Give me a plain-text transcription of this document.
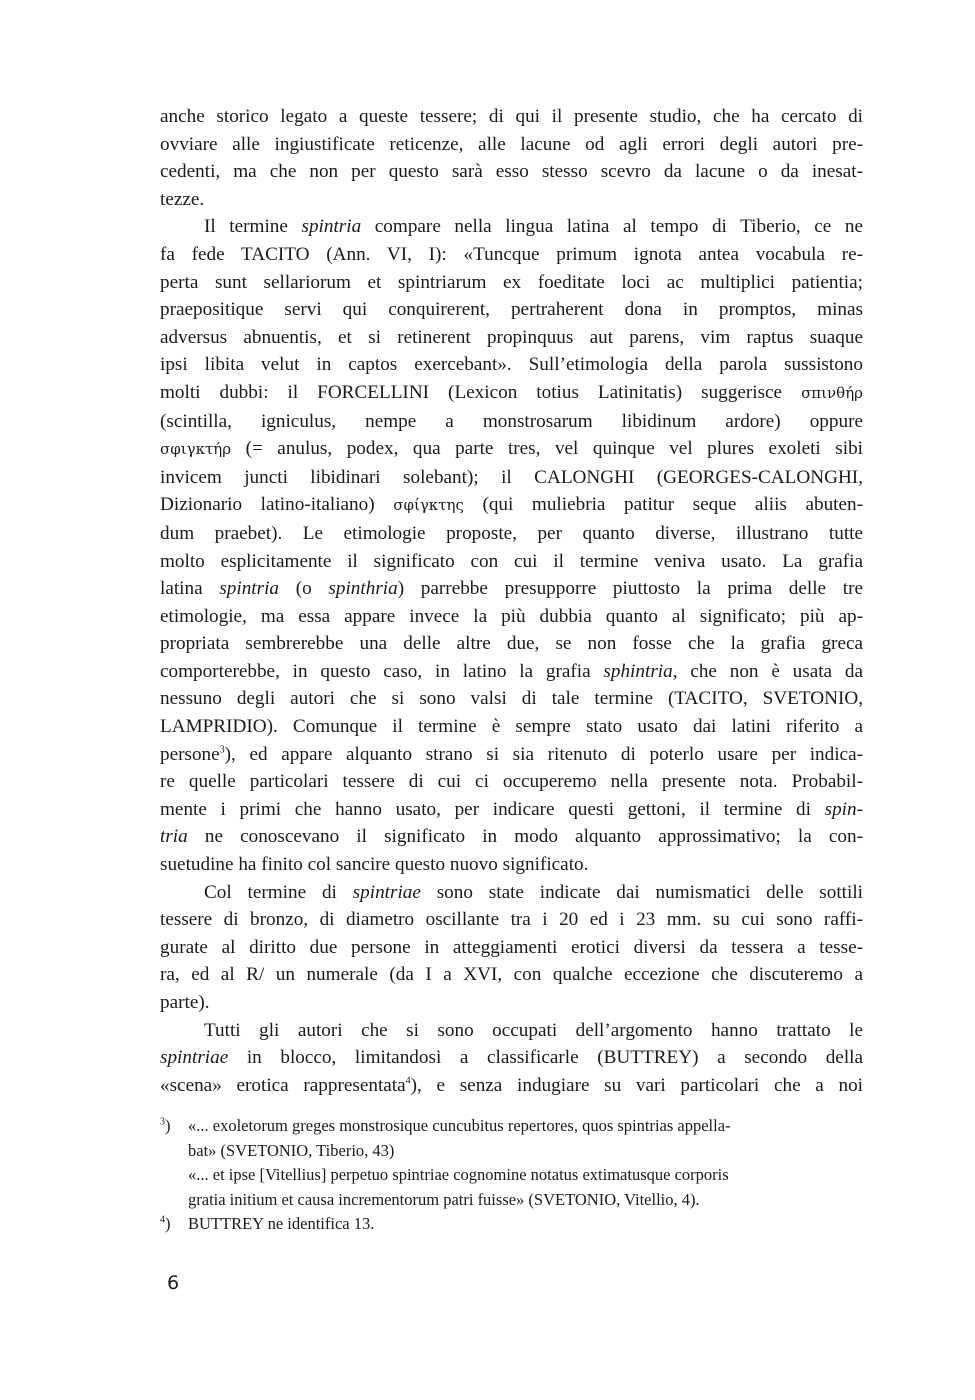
anche storico legato a queste tessere; di qui il presente studio, che ha cercato di
ovviare alle ingiustificate reticenze, alle lacune od agli errori degli autori pre-
cedenti, ma che non per questo sarà esso stesso scevro da lacune o da inesat-
tezze.

Il termine spintria compare nella lingua latina al tempo di Tiberio, ce ne
fa fede TACITO (Ann. VI, I): «Tuncque primum ignota antea vocabula re-
perta sunt sellariorum et spintriarum ex foeditate loci ac multiplici patientia;
praepositique servi qui conquirerent, pertraherent dona in promptos, minas
adversus abnuentis, et si retinerent propinquus aut parens, vim raptus suaque
ipsi libita velut in captos exercebant». Sull’etimologia della parola sussistono
molti dubbi: il FORCELLINI (Lexicon totius Latinitatis) suggerisce σπινθήρ
(scintilla, igniculus, nempe a monstrosarum libidinum ardore) oppure
σφιγκτήρ (= anulus, podex, qua parte tres, vel quinque vel plures exoleti sibi
invicem juncti libidinari solebant); il CALONGHI (GEORGES-CALONGHI,
Dizionario latino-italiano) σφίγκτης (qui muliebria patitur seque aliis abuten-
dum praebet). Le etimologie proposte, per quanto diverse, illustrano tutte
molto esplicitamente il significato con cui il termine veniva usato. La grafia
latina spintria (o spinthria) parrebbe presupporre piuttosto la prima delle tre
etimologie, ma essa appare invece la più dubbia quanto al significato; più ap-
propriata sembrerebbe una delle altre due, se non fosse che la grafia greca
comporterebbe, in questo caso, in latino la grafia sphintria, che non è usata da
nessuno degli autori che si sono valsi di tale termine (TACITO, SVETONIO,
LAMPRIDIO). Comunque il termine è sempre stato usato dai latini riferito a
persone$^3$), ed appare alquanto strano si sia ritenuto di poterlo usare per indica-
re quelle particolari tessere di cui ci occuperemo nella presente nota. Probabil-
mente i primi che hanno usato, per indicare questi gettoni, il termine di spin-
tria ne conoscevano il significato in modo alquanto approssimativo; la con-
suetudine ha finito col sancire questo nuovo significato.

Col termine di spintriae sono state indicate dai numismatici delle sottili
tessere di bronzo, di diametro oscillante tra i 20 ed i 23 mm. su cui sono raffi-
gurate al diritto due persone in atteggiamenti erotici diversi da tessera a tesse-
ra, ed al R/ un numerale (da I a XVI, con qualche eccezione che discuteremo a
parte).

Tutti gli autori che si sono occupati dell’argomento hanno trattato le
spintriae in blocco, limitandosi a classificarle (BUTTREY) a secondo della
«scena» erotica rappresentata$^4$), e senza indugiare su vari particolari che a noi

$^3$)	«... exoletorum greges monstrosique cuncubitus repertores, quos spintrias appella-
bat» (SVETONIO, Tiberio, 43)
«... et ipse [Vitellius] perpetuo spintriae cognomine notatus extimatusque corporis
gratia initium et causa incrementorum patri fuisse» (SVETONIO, Vitellio, 4).
$^4$)	BUTTREY ne identifica 13.
6
